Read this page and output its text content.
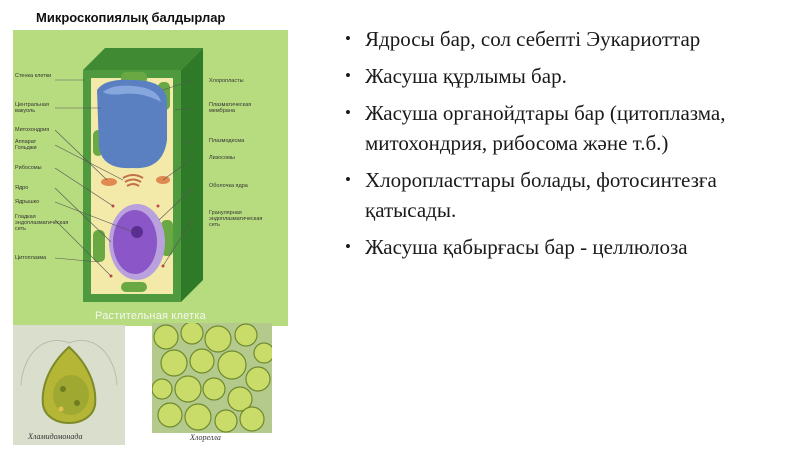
Микроскопиялық балдырлар
Стенка клетки
Центральная вакуоль
Митохондрия
Аппарат Гольджи
Рибосомы
Ядро
Ядрышко
Гладкая эндоплазматическая сеть
Цитоплазма
Хлоропласты
Плазматическая мембрана
Плазмодесма
Лизосомы
Оболочка ядра
Гранулярная эндоплазматическая сеть
Растительная клетка
Хламидомонада	Хлорелла
• Ядросы бар, сол себепті Эукариоттар
• Жасуша құрлымы бар.
• Жасуша органойдтары бар (цитоплазма, митохондрия, рибосома және т.б.)
• Хлоропласттары болады, фотосинтезға қатысады.
• Жасуша қабырғасы бар - целлюлоза
